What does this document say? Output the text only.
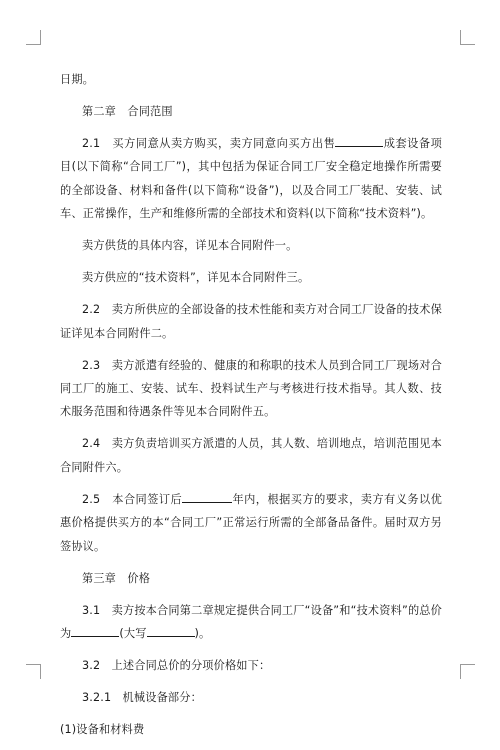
日期。

第二章　合同范围

2.1　买方同意从卖方购买，卖方同意向买方出售	成套设备项目(以下简称“合同工厂”)，其中包括为保证合同工厂安全稳定地操作所需要的全部设备、材料和备件(以下简称“设备”)，以及合同工厂装配、安装、试车、正常操作，生产和维修所需的全部技术和资料(以下简称“技术资料”)。

卖方供货的具体内容，详见本合同附件一。

卖方供应的“技术资料”，详见本合同附件三。

2.2　卖方所供应的全部设备的技术性能和卖方对合同工厂设备的技术保证详见本合同附件二。

2.3　卖方派遣有经验的、健康的和称职的技术人员到合同工厂现场对合同工厂的施工、安装、试车、投料试生产与考核进行技术指导。其人数、技术服务范围和待遇条件等见本合同附件五。

2.4　卖方负责培训买方派遣的人员，其人数、培训地点，培训范围见本合同附件六。

2.5　本合同签订后	年内，根据买方的要求，卖方有义务以优惠价格提供买方的本“合同工厂”正常运行所需的全部备品备件。届时双方另签协议。

第三章　价格

3.1　卖方按本合同第二章规定提供合同工厂“设备”和“技术资料”的总价为	(大写	)。

3.2　上述合同总价的分项价格如下：

3.2.1　机械设备部分：

(1)设备和材料费
